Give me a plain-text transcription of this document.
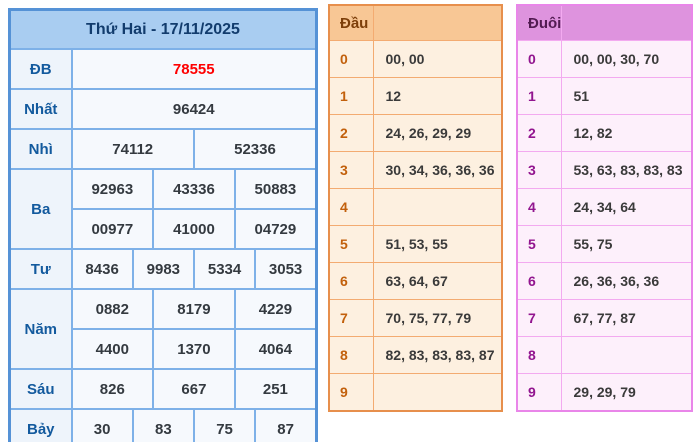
Thứ Hai - 17/11/2025						
ĐB	78555					
Nhất	96424					
Nhì	74112			52336		
Ba	92963		43336		50883	
	00977		41000		04729	
Tư	8436	9983		5334		3053
Năm	0882		8179		4229	
	4400		1370		4064	
Sáu	826		667		251	
Bảy	30	83		75		87
Đầu	
0	00, 00
1	12
2	24, 26, 29, 29
3	30, 34, 36, 36, 36
4	
5	51, 53, 55
6	63, 64, 67
7	70, 75, 77, 79
8	82, 83, 83, 83, 87
9	
Đuôi	
0	00, 00, 30, 70
1	51
2	12, 82
3	53, 63, 83, 83, 83
4	24, 34, 64
5	55, 75
6	26, 36, 36, 36
7	67, 77, 87
8	
9	29, 29, 79
